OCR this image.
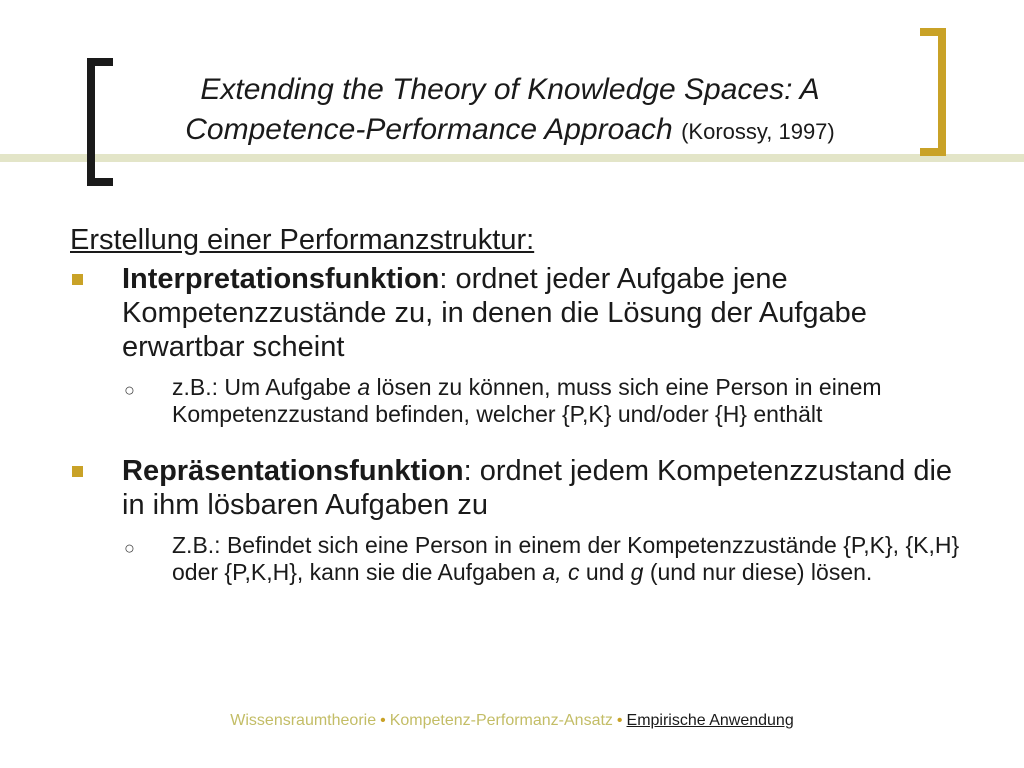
Extending the Theory of Knowledge Spaces: A
Competence-Performance Approach (Korossy, 1997)
Erstellung einer Performanzstruktur:
Interpretationsfunktion: ordnet jeder Aufgabe jene Kompetenzzustände zu, in denen die Lösung der Aufgabe erwartbar scheint
○ z.B.: Um Aufgabe a lösen zu können, muss sich eine Person in einem Kompetenzzustand befinden, welcher {P,K} und/oder {H} enthält
Repräsentationsfunktion: ordnet jedem Kompetenzzustand die in ihm lösbaren Aufgaben zu
○ Z.B.: Befindet sich eine Person in einem der Kompetenzzustände {P,K}, {K,H} oder {P,K,H}, kann sie die Aufgaben a, c und g (und nur diese) lösen.
Wissensraumtheorie • Kompetenz-Performanz-Ansatz • Empirische Anwendung
